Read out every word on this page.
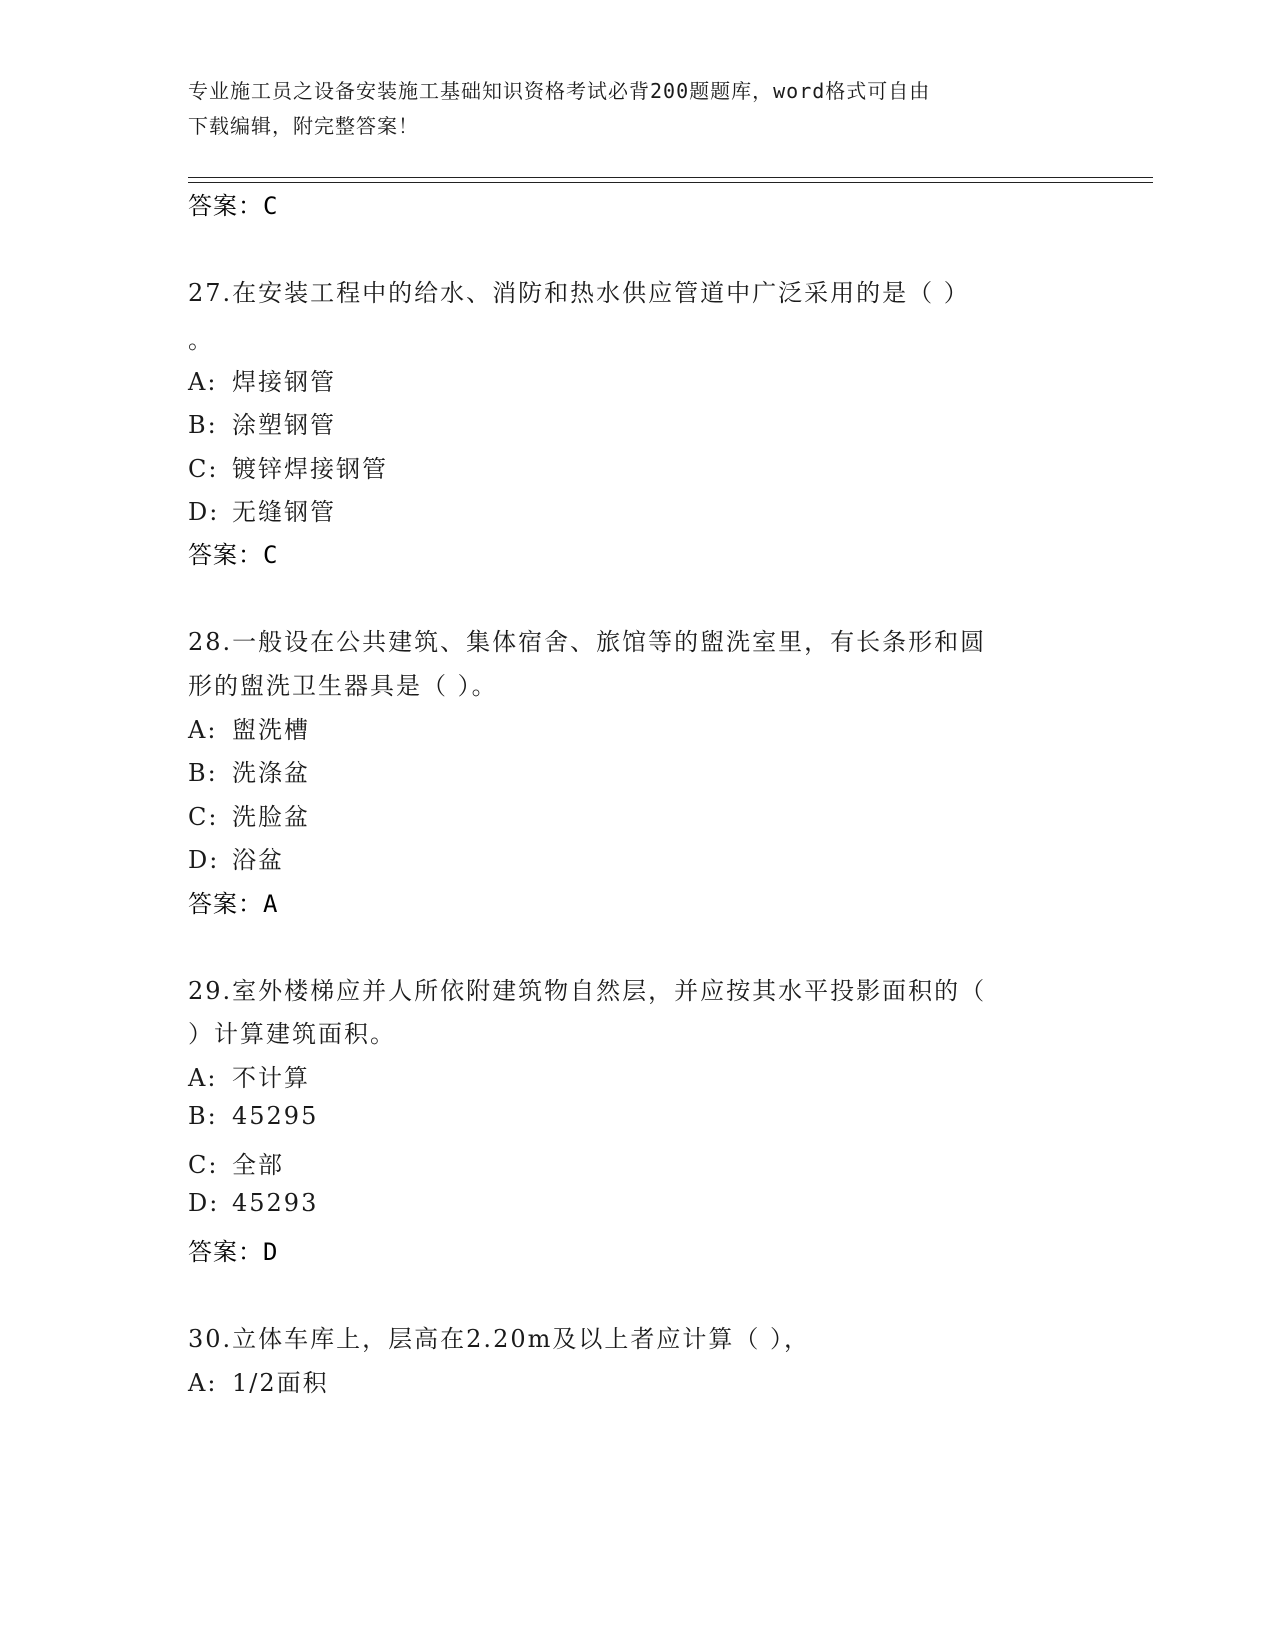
专业施工员之设备安装施工基础知识资格考试必背200题题库，word格式可自由
下载编辑，附完整答案！
答案：C
27.在安装工程中的给水、消防和热水供应管道中广泛采用的是（ ）
。
A: 焊接钢管
B: 涂塑钢管
C: 镀锌焊接钢管
D: 无缝钢管
答案：C
28.一般设在公共建筑、集体宿舍、旅馆等的盥洗室里，有长条形和圆
形的盥洗卫生器具是（ ）。
A: 盥洗槽
B: 洗涤盆
C: 洗脸盆
D: 浴盆
答案：A
29.室外楼梯应并人所依附建筑物自然层，并应按其水平投影面积的（
）计算建筑面积。
A: 不计算
B: 45295
C: 全部
D: 45293
答案：D
30.立体车库上，层高在2.20m及以上者应计算（ ），
A: 1/2面积
